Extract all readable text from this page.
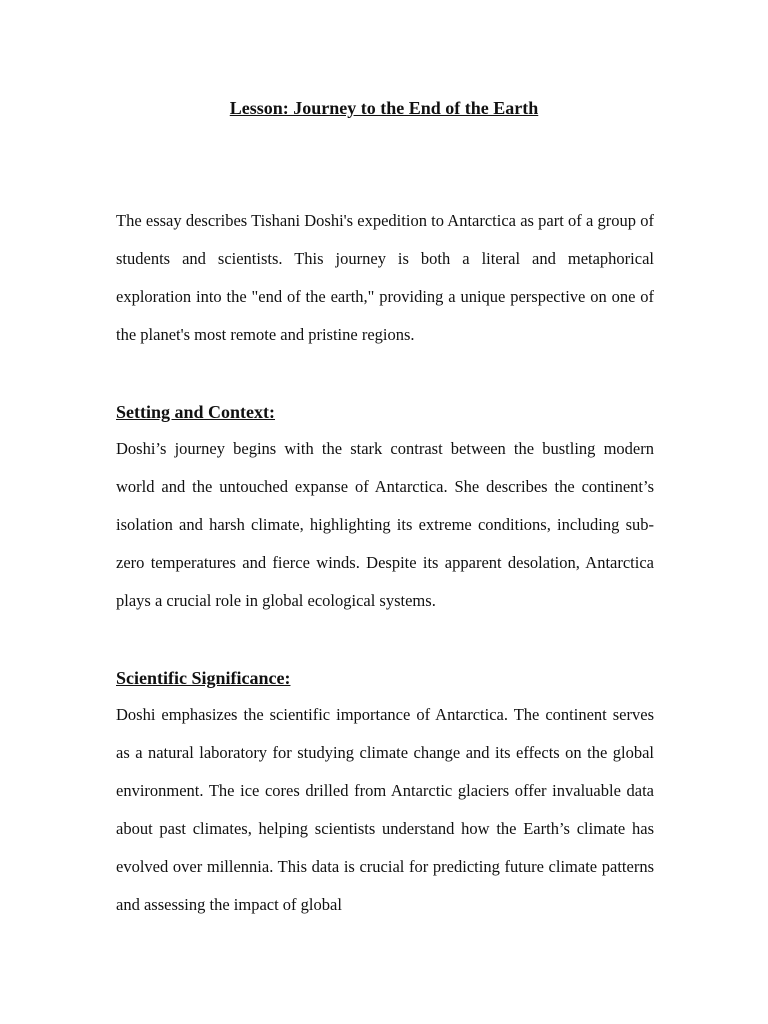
Lesson: Journey to the End of the Earth

The essay describes Tishani Doshi's expedition to Antarctica as part of a group of students and scientists. This journey is both a literal and metaphorical exploration into the "end of the earth," providing a unique perspective on one of the planet's most remote and pristine regions.

Setting and Context:

Doshi’s journey begins with the stark contrast between the bustling modern world and the untouched expanse of Antarctica. She describes the continent’s isolation and harsh climate, highlighting its extreme conditions, including sub-zero temperatures and fierce winds. Despite its apparent desolation, Antarctica plays a crucial role in global ecological systems.

Scientific Significance:

Doshi emphasizes the scientific importance of Antarctica. The continent serves as a natural laboratory for studying climate change and its effects on the global environment. The ice cores drilled from Antarctic glaciers offer invaluable data about past climates, helping scientists understand how the Earth’s climate has evolved over millennia. This data is crucial for predicting future climate patterns and assessing the impact of global
